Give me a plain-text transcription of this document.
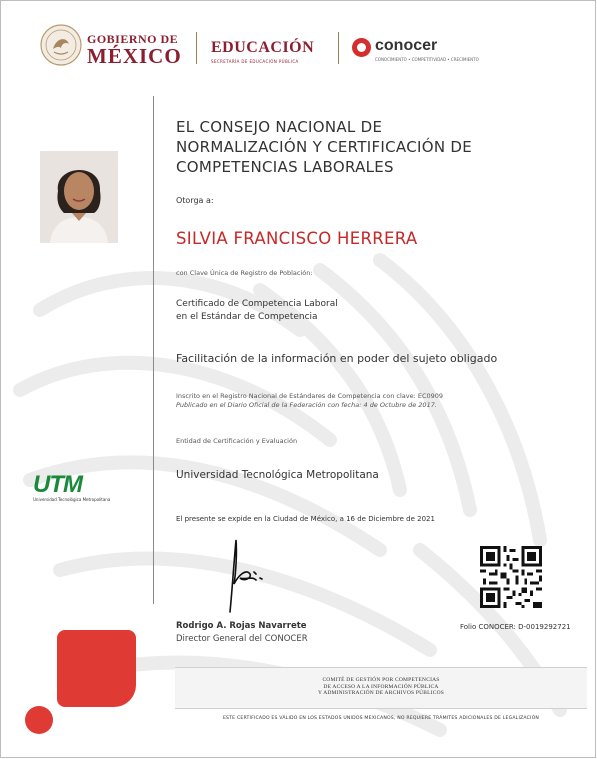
GOBIERNO DE
MÉXICO EDUCACIÓN
SECRETARÍA DE EDUCACIÓN PÚBLICA
conocer
CONOCIMIENTO • COMPETITIVIDAD • CRECIMIENTO
UTM
Universidad Tecnológica Metropolitana
EL CONSEJO NACIONAL DE NORMALIZACIÓN Y CERTIFICACIÓN DE COMPETENCIAS LABORALES
Otorga a:
SILVIA FRANCISCO HERRERA
con Clave Única de Registro de Población:
Certificado de Competencia Laboral
en el Estándar de Competencia
Facilitación de la información en poder del sujeto obligado
Inscrito en el Registro Nacional de Estándares de Competencia con clave: EC0909
Publicado en el Diario Oficial de la Federación con fecha: 4 de Octubre de 2017.
Entidad de Certificación y Evaluación
Universidad Tecnológica Metropolitana
El presente se expide en la Ciudad de México, a 16 de Diciembre de 2021
Rodrigo A. Rojas Navarrete
Director General del CONOCER
Folio CONOCER: D-0019292721
COMITÉ DE GESTIÓN POR COMPETENCIAS
DE ACCESO A LA INFORMACIÓN PÚBLICA
Y ADMINISTRACIÓN DE ARCHIVOS PÚBLICOS
ESTE CERTIFICADO ES VÁLIDO EN LOS ESTADOS UNIDOS MEXICANOS, NO REQUIERE TRÁMITES ADICIONALES DE LEGALIZACIÓN
